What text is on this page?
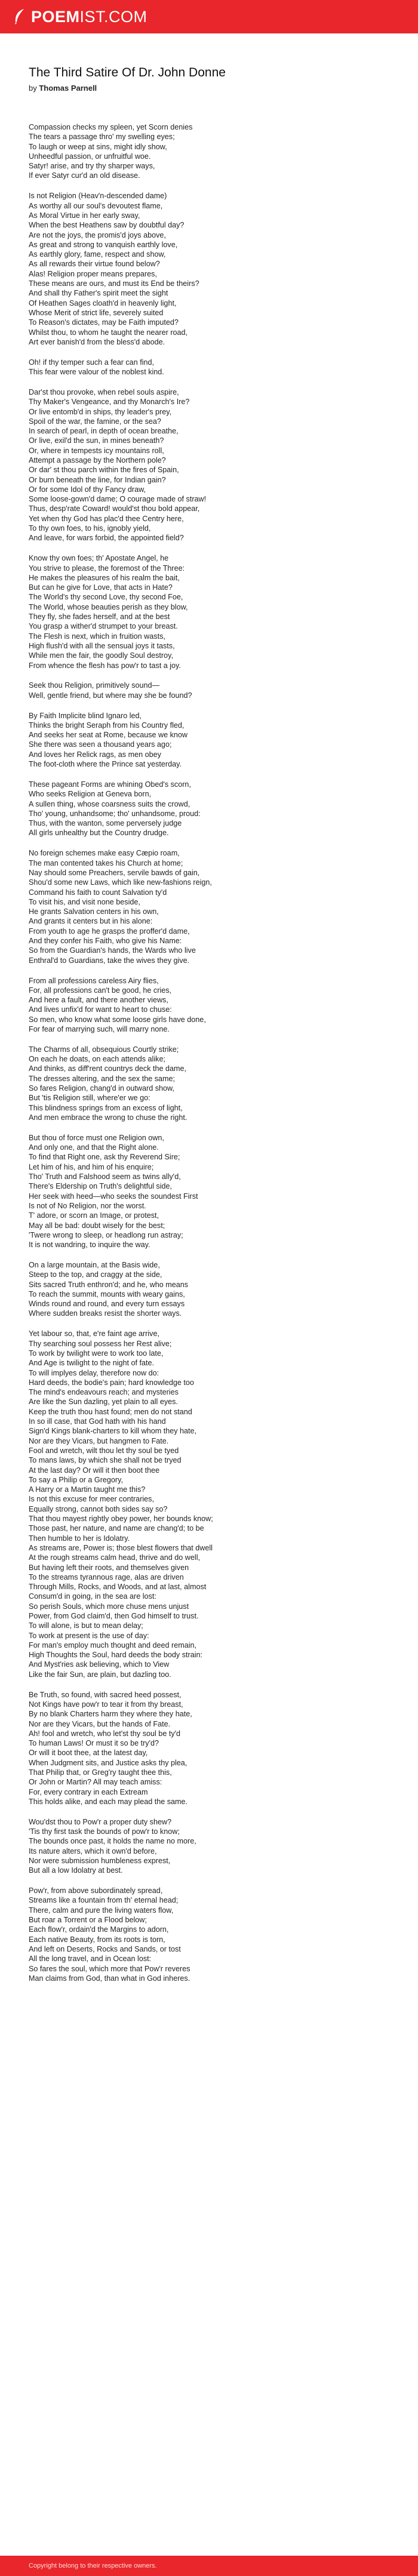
POEM IST.COM
The Third Satire Of Dr. John Donne
by Thomas Parnell
Compassion checks my spleen, yet Scorn denies
The tears a passage thro' my swelling eyes;
To laugh or weep at sins, might idly show,
Unheedful passion, or unfruitful woe.
Satyr! arise, and try thy sharper ways,
If ever Satyr cur'd an old disease.
Is not Religion (Heav'n-descended dame)
As worthy all our soul's devoutest flame,
As Moral Virtue in her early sway,
When the best Heathens saw by doubtful day?
Are not the joys, the promis'd joys above,
As great and strong to vanquish earthly love,
As earthly glory, fame, respect and show,
As all rewards their virtue found below?
Alas! Religion proper means prepares,
These means are ours, and must its End be theirs?
And shall thy Father's spirit meet the sight
Of Heathen Sages cloath'd in heavenly light,
Whose Merit of strict life, severely suited
To Reason's dictates, may be Faith imputed?
Whilst thou, to whom he taught the nearer road,
Art ever banish'd from the bless'd abode.
Oh! if thy temper such a fear can find,
This fear were valour of the noblest kind.
Dar'st thou provoke, when rebel souls aspire,
Thy Maker's Vengeance, and thy Monarch's Ire?
Or live entomb'd in ships, thy leader's prey,
Spoil of the war, the famine, or the sea?
In search of pearl, in depth of ocean breathe,
Or live, exil'd the sun, in mines beneath?
Or, where in tempests icy mountains roll,
Attempt a passage by the Northern pole?
Or dar' st thou parch within the fires of Spain,
Or burn beneath the line, for Indian gain?
Or for some Idol of thy Fancy draw,
Some loose-gown'd dame; O courage made of straw!
Thus, desp'rate Coward! would'st thou bold appear,
Yet when thy God has plac'd thee Centry here,
To thy own foes, to his, ignobly yield,
And leave, for wars forbid, the appointed field?
Know thy own foes; th' Apostate Angel, he
You strive to please, the foremost of the Three:
He makes the pleasures of his realm the bait,
But can he give for Love, that acts in Hate?
The World's thy second Love, thy second Foe,
The World, whose beauties perish as they blow,
They fly, she fades herself, and at the best
You grasp a wither'd strumpet to your breast.
The Flesh is next, which in fruition wasts,
High flush'd with all the sensual joys it tasts,
While men the fair, the goodly Soul destroy,
From whence the flesh has pow'r to tast a joy.
Seek thou Religion, primitively sound—
Well, gentle friend, but where may she be found?
By Faith Implicite blind Ignaro led,
Thinks the bright Seraph from his Country fled,
And seeks her seat at Rome, because we know
She there was seen a thousand years ago;
And loves her Relick rags, as men obey
The foot-cloth where the Prince sat yesterday.
These pageant Forms are whining Obed's scorn,
Who seeks Religion at Geneva born,
A sullen thing, whose coarsness suits the crowd,
Tho' young, unhandsome; tho' unhandsome, proud:
Thus, with the wanton, some perversely judge
All girls unhealthy but the Country drudge.
No foreign schemes make easy Cæpio roam,
The man contented takes his Church at home;
Nay should some Preachers, servile bawds of gain,
Shou'd some new Laws, which like new-fashions reign,
Command his faith to count Salvation ty'd
To visit his, and visit none beside,
He grants Salvation centers in his own,
And grants it centers but in his alone:
From youth to age he grasps the proffer'd dame,
And they confer his Faith, who give his Name:
So from the Guardian's hands, the Wards who live
Enthral'd to Guardians, take the wives they give.
From all professions careless Airy flies,
For, all professions can't be good, he cries,
And here a fault, and there another views,
And lives unfix'd for want to heart to chuse:
So men, who know what some loose girls have done,
For fear of marrying such, will marry none.
The Charms of all, obsequious Courtly strike;
On each he doats, on each attends alike;
And thinks, as diff'rent countrys deck the dame,
The dresses altering, and the sex the same;
So fares Religion, chang'd in outward show,
But 'tis Religion still, where'er we go:
This blindness springs from an excess of light,
And men embrace the wrong to chuse the right.
But thou of force must one Religion own,
And only one, and that the Right alone.
To find that Right one, ask thy Reverend Sire;
Let him of his, and him of his enquire;
Tho' Truth and Falshood seem as twins ally'd,
There's Eldership on Truth's delightful side,
Her seek with heed—who seeks the soundest First
Is not of No Religion, nor the worst.
T' adore, or scorn an Image, or protest,
May all be bad: doubt wisely for the best;
'Twere wrong to sleep, or headlong run astray;
It is not wandring, to inquire the way.
On a large mountain, at the Basis wide,
Steep to the top, and craggy at the side,
Sits sacred Truth enthron'd; and he, who means
To reach the summit, mounts with weary gains,
Winds round and round, and every turn essays
Where sudden breaks resist the shorter ways.
Yet labour so, that, e're faint age arrive,
Thy searching soul possess her Rest alive;
To work by twilight were to work too late,
And Age is twilight to the night of fate.
To will implyes delay, therefore now do:
Hard deeds, the bodie's pain; hard knowledge too
The mind's endeavours reach; and mysteries
Are like the Sun dazling, yet plain to all eyes.
Keep the truth thou hast found; men do not stand
In so ill case, that God hath with his hand
Sign'd Kings blank-charters to kill whom they hate,
Nor are they Vicars, but hangmen to Fate.
Fool and wretch, wilt thou let thy soul be tyed
To mans laws, by which she shall not be tryed
At the last day? Or will it then boot thee
To say a Philip or a Gregory,
A Harry or a Martin taught me this?
Is not this excuse for meer contraries,
Equally strong, cannot both sides say so?
That thou mayest rightly obey power, her bounds know;
Those past, her nature, and name are chang'd; to be
Then humble to her is Idolatry.
As streams are, Power is; those blest flowers that dwell
At the rough streams calm head, thrive and do well,
But having left their roots, and themselves given
To the streams tyrannous rage, alas are driven
Through Mills, Rocks, and Woods, and at last, almost
Consum'd in going, in the sea are lost:
So perish Souls, which more chuse mens unjust
Power, from God claim'd, then God himself to trust.
To will alone, is but to mean delay;
To work at present is the use of day:
For man's employ much thought and deed remain,
High Thoughts the Soul, hard deeds the body strain:
And Myst'ries ask believing, which to View
Like the fair Sun, are plain, but dazling too.
Be Truth, so found, with sacred heed possest,
Not Kings have pow'r to tear it from thy breast,
By no blank Charters harm they where they hate,
Nor are they Vicars, but the hands of Fate.
Ah! fool and wretch, who let'st thy soul be ty'd
To human Laws! Or must it so be try'd?
Or will it boot thee, at the latest day,
When Judgment sits, and Justice asks thy plea,
That Philip that, or Greg'ry taught thee this,
Or John or Martin? All may teach amiss:
For, every contrary in each Extream
This holds alike, and each may plead the same.
Wou'dst thou to Pow'r a proper duty shew?
'Tis thy first task the bounds of pow'r to know;
The bounds once past, it holds the name no more,
Its nature alters, which it own'd before,
Nor were submission humbleness exprest,
But all a low Idolatry at best.
Pow'r, from above subordinately spread,
Streams like a fountain from th' eternal head;
There, calm and pure the living waters flow,
But roar a Torrent or a Flood below;
Each flow'r, ordain'd the Margins to adorn,
Each native Beauty, from its roots is torn,
And left on Deserts, Rocks and Sands, or tost
All the long travel, and in Ocean lost:
So fares the soul, which more that Pow'r reveres
Man claims from God, than what in God inheres.
Copyright belong to their respective owners.
